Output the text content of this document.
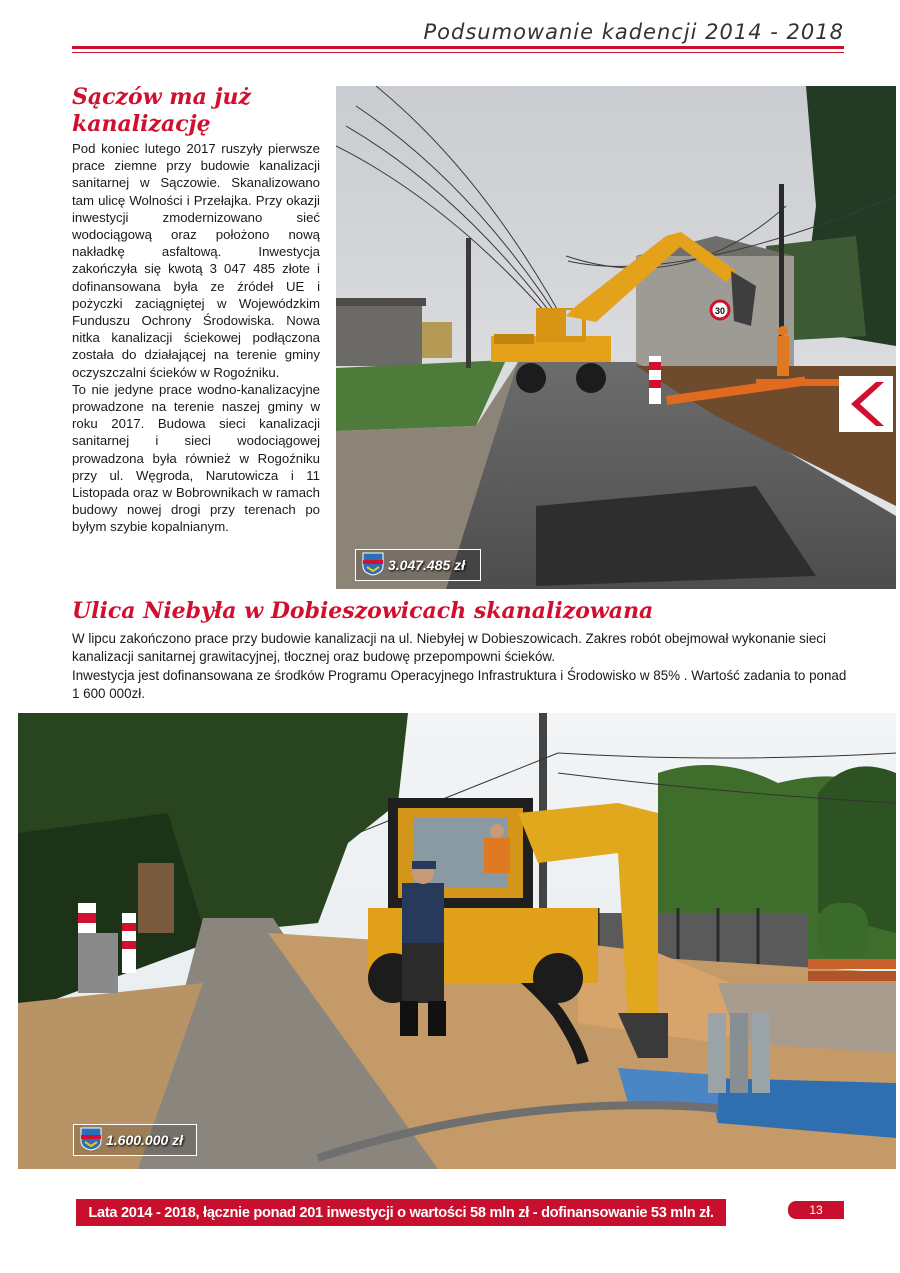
Podsumowanie kadencji 2014 - 2018
Sączów ma już kanalizację

Pod koniec lutego 2017 ruszyły pierwsze prace ziemne przy budowie kanalizacji sanitarnej w Sączowie. Skanalizowano tam ulicę Wolności i Przełajka. Przy okazji inwestycji zmodernizowano sieć wodociągową oraz położono nową nakładkę asfaltową. Inwestycja zakończyła się kwotą 3 047 485 złote i dofinansowana była ze źródeł UE i pożyczki zaciągniętej w Wojewódzkim Funduszu Ochrony Środowiska. Nowa nitka kanalizacji ściekowej podłączona została do działającej na terenie gminy oczyszczalni ścieków w Rogoźniku.

To nie jedyne prace wodno-kanalizacyjne prowadzone na terenie naszej gminy w roku 2017. Budowa sieci kanalizacji sanitarnej i sieci wodociągowej prowadzona była również w Rogoźniku przy ul. Węgroda, Narutowicza i 11 Listopada oraz w Bobrownikach w ramach budowy nowej drogi przy terenach po byłym szybie kopalnianym.

30
3.047.485 zł
Ulica Niebyła w Dobieszowicach skanalizowana

W lipcu zakończono prace przy budowie kanalizacji na ul. Niebyłej w Dobieszowicach. Zakres robót obejmował wykonanie sieci kanalizacji sanitarnej grawitacyjnej, tłocznej oraz budowę przepompowni ścieków.

Inwestycja jest dofinansowana ze środków Programu Operacyjnego Infrastruktura i Środowisko w 85% . Wartość zadania to ponad 1 600 000zł.

1.600.000 zł
Lata 2014 - 2018, łącznie ponad 201 inwestycji o wartości 58 mln zł - dofinansowanie 53 mln zł.	13
